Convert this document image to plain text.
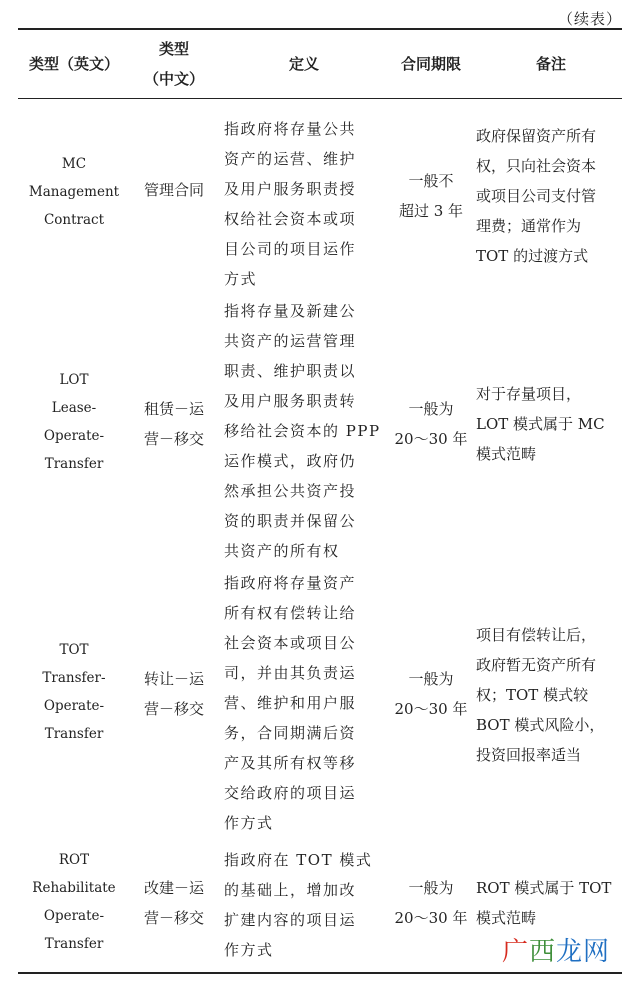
（续表）
类型（英文）
类型
（中文）
定义	合同期限	备注
MC
Management
Contract
管理合同
指政府将存量公共
资产的运营、维护
及用户服务职责授
权给社会资本或项
目公司的项目运作
方式
一般不
超过 3 年
政府保留资产所有
权，只向社会资本
或项目公司支付管
理费；通常作为
TOT 的过渡方式
LOT
Lease-
Operate-
Transfer
租赁－运
营－移交
指将存量及新建公
共资产的运营管理
职责、维护职责以
及用户服务职责转
移给社会资本的 PPP
运作模式，政府仍
然承担公共资产投
资的职责并保留公
共资产的所有权
一般为
20～30 年
对于存量项目，
LOT 模式属于 MC
模式范畴
TOT
Transfer-
Operate-
Transfer
转让－运
营－移交
指政府将存量资产
所有权有偿转让给
社会资本或项目公
司，并由其负责运
营、维护和用户服
务，合同期满后资
产及其所有权等移
交给政府的项目运
作方式
一般为
20～30 年
项目有偿转让后，
政府暂无资产所有
权；TOT 模式较
BOT 模式风险小，
投资回报率适当
ROT
Rehabilitate
Operate-
Transfer
改建－运
营－移交
指政府在 TOT 模式
的基础上，增加改
扩建内容的项目运
作方式
一般为
20～30 年
ROT 模式属于 TOT
模式范畴
广西龙网
